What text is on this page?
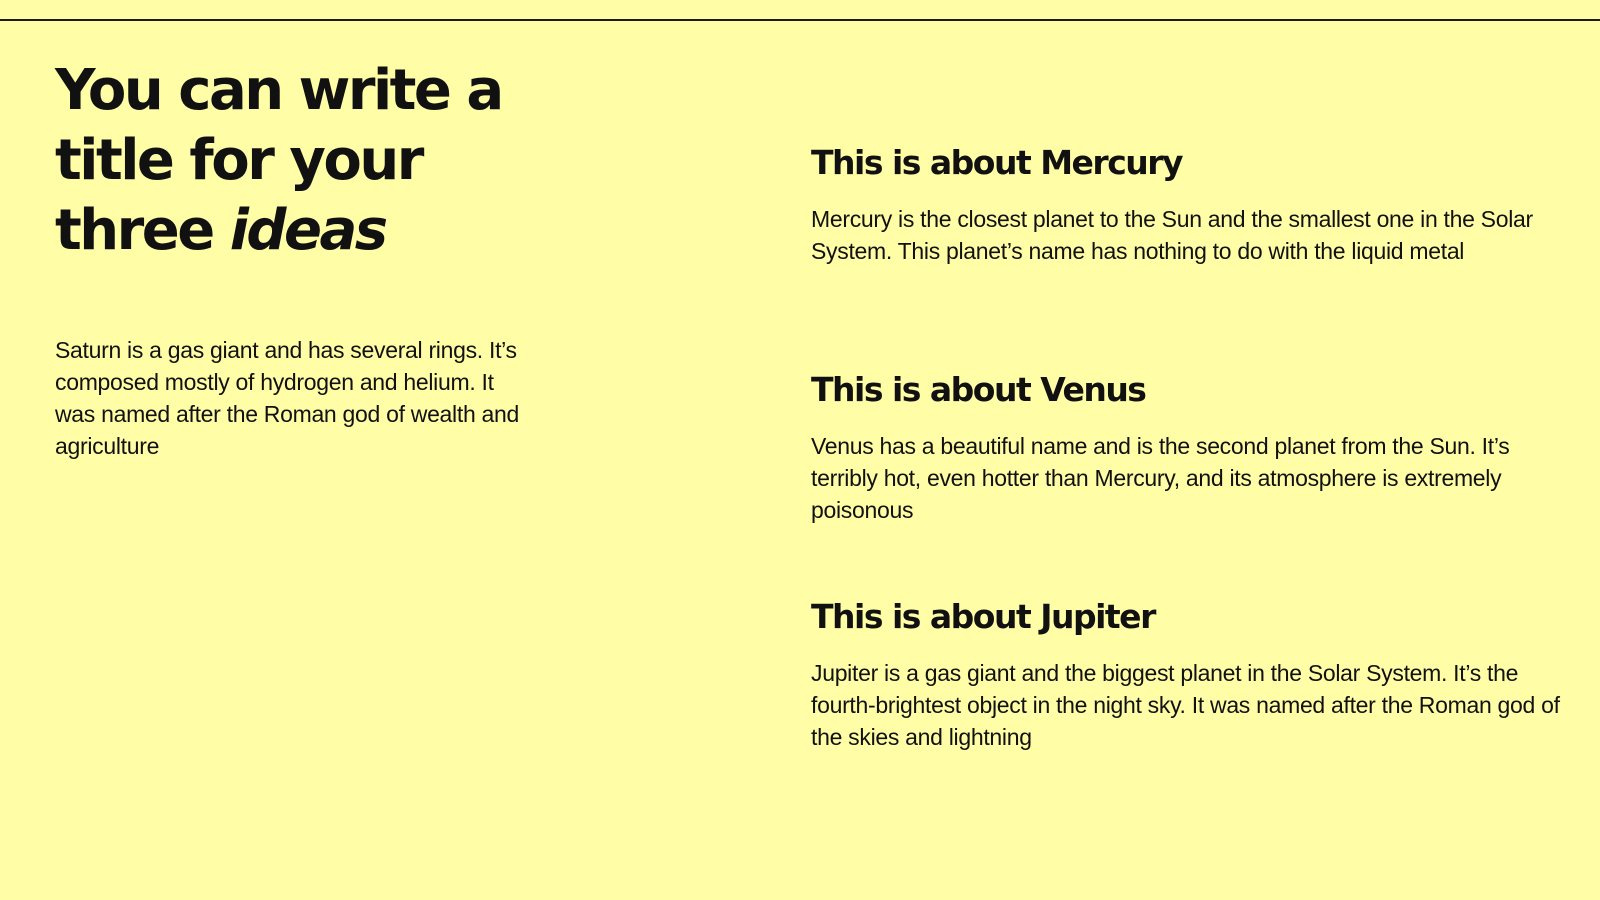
You can write a
title for your
three ideas

Saturn is a gas giant and has several rings. It’s composed mostly of hydrogen and helium. It was named after the Roman god of wealth and agriculture

This is about Mercury

Mercury is the closest planet to the Sun and the smallest one in the Solar System. This planet’s name has nothing to do with the liquid metal

This is about Venus

Venus has a beautiful name and is the second planet from the Sun. It’s terribly hot, even hotter than Mercury, and its atmosphere is extremely poisonous

This is about Jupiter

Jupiter is a gas giant and the biggest planet in the Solar System. It’s the fourth-brightest object in the night sky. It was named after the Roman god of the skies and lightning
